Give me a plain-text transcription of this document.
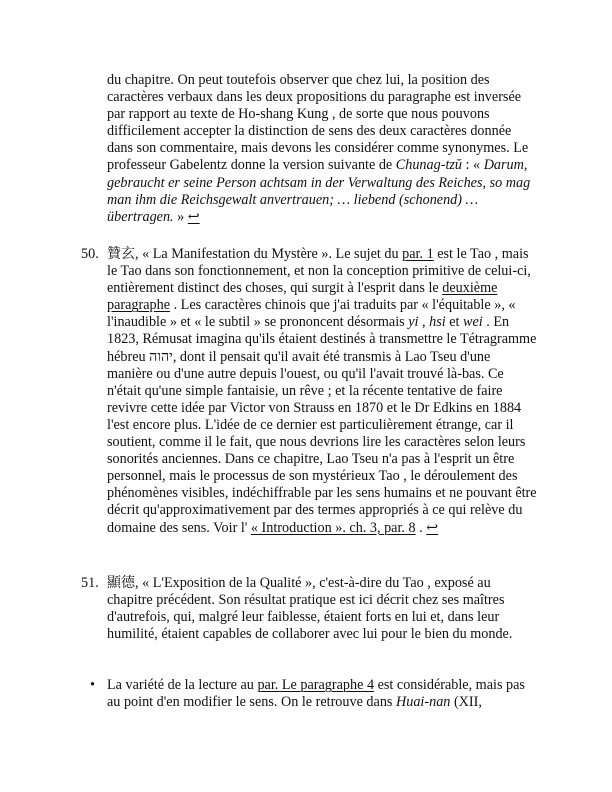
du chapitre. On peut toutefois observer que chez lui, la position des caractères verbaux dans les deux propositions du paragraphe est inversée par rapport au texte de Ho-shang Kung , de sorte que nous pouvons difficilement accepter la distinction de sens des deux caractères donnée dans son commentaire, mais devons les considérer comme synonymes. Le professeur Gabelentz donne la version suivante de Chunag-tzŭ : « Darum, gebraucht er seine Person achtsam in der Verwaltung des Reiches, so mag man ihm die Reichsgewalt anvertrauen; … liebend (schonend) … übertragen. » ↩

50. 贊玄, « La Manifestation du Mystère ». Le sujet du par. 1 est le Tao , mais le Tao dans son fonctionnement, et non la conception primitive de celui-ci, entièrement distinct des choses, qui surgit à l'esprit dans le deuxième paragraphe . Les caractères chinois que j'ai traduits par « l'équitable », « l'inaudible » et « le subtil » se prononcent désormais yi , hsi et wei . En 1823, Rémusat imagina qu'ils étaient destinés à transmettre le Tétragramme hébreu יהוה, dont il pensait qu'il avait été transmis à Lao Tseu d'une manière ou d'une autre depuis l'ouest, ou qu'il l'avait trouvé là-bas. Ce n'était qu'une simple fantaisie, un rêve ; et la récente tentative de faire revivre cette idée par Victor von Strauss en 1870 et le Dr Edkins en 1884 l'est encore plus. L'idée de ce dernier est particulièrement étrange, car il soutient, comme il le fait, que nous devrions lire les caractères selon leurs sonorités anciennes. Dans ce chapitre, Lao Tseu n'a pas à l'esprit un être personnel, mais le processus de son mystérieux Tao , le déroulement des phénomènes visibles, indéchiffrable par les sens humains et ne pouvant être décrit qu'approximativement par des termes appropriés à ce qui relève du domaine des sens. Voir l' « Introduction ». ch. 3, par. 8 . ↩

51. 顯德, « L'Exposition de la Qualité », c'est-à-dire du Tao , exposé au chapitre précédent. Son résultat pratique est ici décrit chez ses maîtres d'autrefois, qui, malgré leur faiblesse, étaient forts en lui et, dans leur humilité, étaient capables de collaborer avec lui pour le bien du monde.

• La variété de la lecture au par. Le paragraphe 4 est considérable, mais pas au point d'en modifier le sens. On le retrouve dans Huai-nan (XII,
